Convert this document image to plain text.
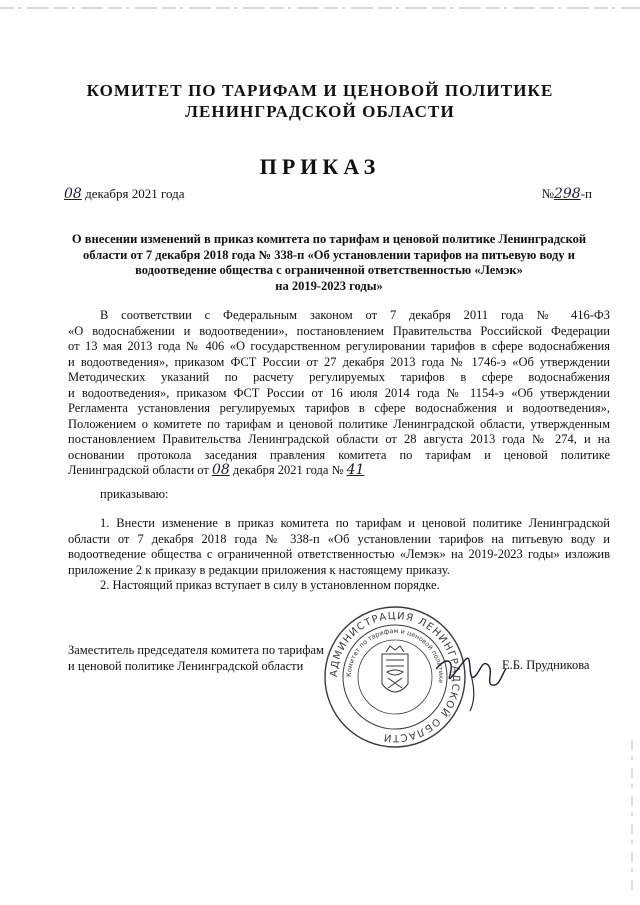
КОМИТЕТ ПО ТАРИФАМ И ЦЕНОВОЙ ПОЛИТИКЕ
ЛЕНИНГРАДСКОЙ ОБЛАСТИ
ПРИКАЗ
08 декабря 2021 года	№298-п
О внесении изменений в приказ комитета по тарифам и ценовой политике Ленинградской
области от 7 декабря 2018 года № 338-п «Об установлении тарифов на питьевую воду и
водоотведение общества с ограниченной ответственностью «Лемэк»
на 2019-2023 годы»
В соответствии с Федеральным законом от 7 декабря 2011 года № 416-ФЗ
«О водоснабжении и водоотведении», постановлением Правительства Российской Федерации
от 13 мая 2013 года № 406 «О государственном регулировании тарифов в сфере водоснабжения
и водоотведения», приказом ФСТ России от 27 декабря 2013 года № 1746-э «Об утверждении
Методических указаний по расчету регулируемых тарифов в сфере водоснабжения
и водоотведения», приказом ФСТ России от 16 июля 2014 года № 1154-э «Об утверждении
Регламента установления регулируемых тарифов в сфере водоснабжения и водоотведения»,
Положением о комитете по тарифам и ценовой политике Ленинградской области, утвержденным
постановлением Правительства Ленинградской области от 28 августа 2013 года № 274, и на
основании протокола заседания правления комитета по тарифам и ценовой политике
Ленинградской области от 08 декабря 2021 года № 41
приказываю:
1. Внести изменение в приказ комитета по тарифам и ценовой политике Ленинградской
области от 7 декабря 2018 года № 338-п «Об установлении тарифов на питьевую воду и
водоотведение общества с ограниченной ответственностью «Лемэк» на 2019-2023 годы» изложив
приложение 2 к приказу в редакции приложения к настоящему приказу.
2. Настоящий приказ вступает в силу в установленном порядке.
Заместитель председателя комитета по тарифам
и ценовой политике Ленинградской области	АДМИНИСТРАЦИЯ ЛЕНИНГРАДСКОЙ ОБЛАСТИ
Комитет по тарифам и ценовой политике
Е.Б. Прудникова
